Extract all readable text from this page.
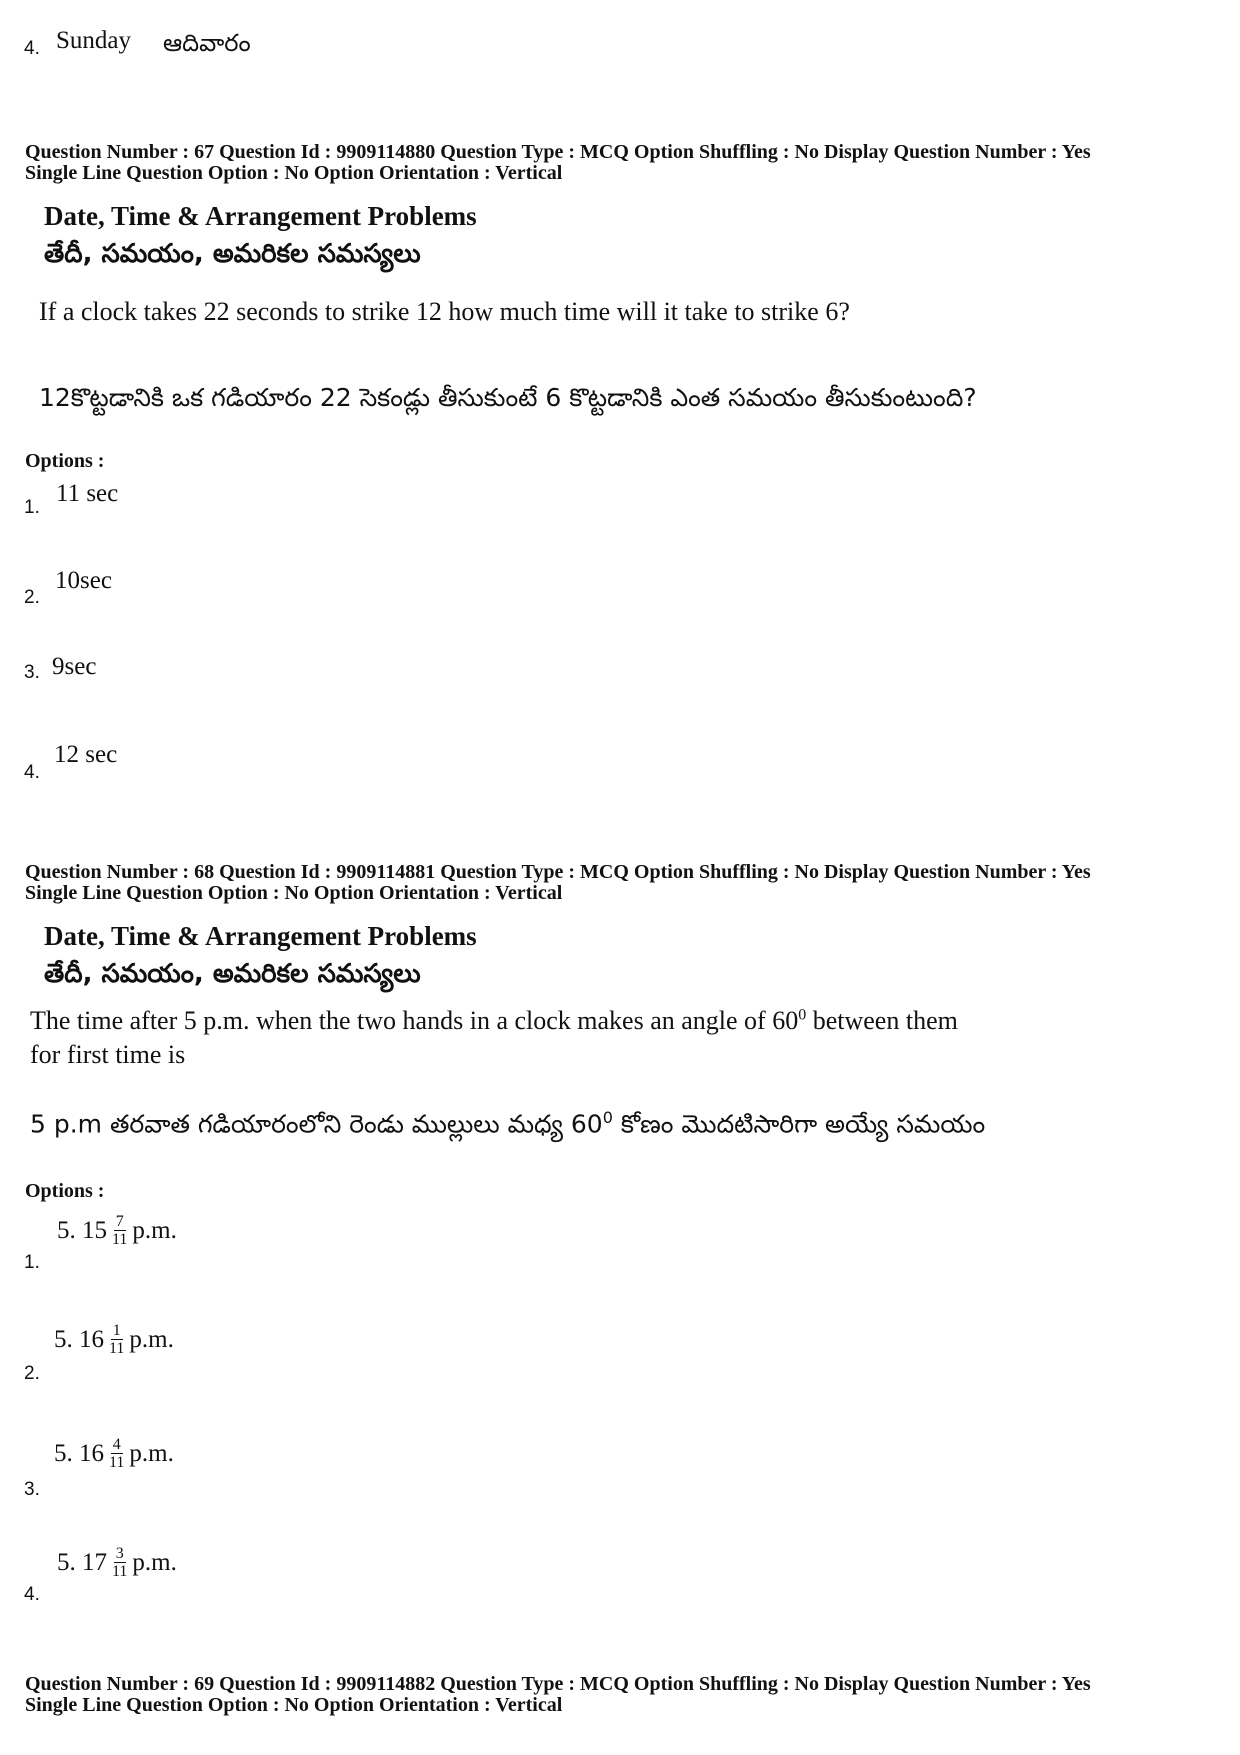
4. Sunday ఆదివారం
Question Number : 67 Question Id : 9909114880 Question Type : MCQ Option Shuffling : No Display Question Number : Yes
Single Line Question Option : No Option Orientation : Vertical
Date, Time & Arrangement Problems
తేదీ, సమయం, అమరికల సమస్యలు
If a clock takes 22 seconds to strike 12 how much time will it take to strike 6?
12కొట్టడానికి ఒక గడియారం 22 సెకండ్లు తీసుకుంటే 6 కొట్టడానికి ఎంత సమయం తీసుకుంటుంది?
Options :
1.
11 sec
2.
10sec
3. 9sec
4.
12 sec
Question Number : 68 Question Id : 9909114881 Question Type : MCQ Option Shuffling : No Display Question Number : Yes
Single Line Question Option : No Option Orientation : Vertical
Date, Time & Arrangement Problems
తేదీ, సమయం, అమరికల సమస్యలు
The time after 5 p.m. when the two hands in a clock makes an angle of $60^0$ between them
for first time is
5 p.m తరవాత గడియారంలోని రెండు ముల్లులు మధ్య $60^0$ కోణం మొదటిసారిగా అయ్యే సమయం
Options :
1.
5. $15 \frac{7}{11} p.m$.
2.
5. $16 \frac{1}{11} p.m$.
3.
5. $16 \frac{4}{11} p.m$.
4.
5. $17 \frac{3}{11} p.m$.
Question Number : 69 Question Id : 9909114882 Question Type : MCQ Option Shuffling : No Display Question Number : Yes
Single Line Question Option : No Option Orientation : Vertical
